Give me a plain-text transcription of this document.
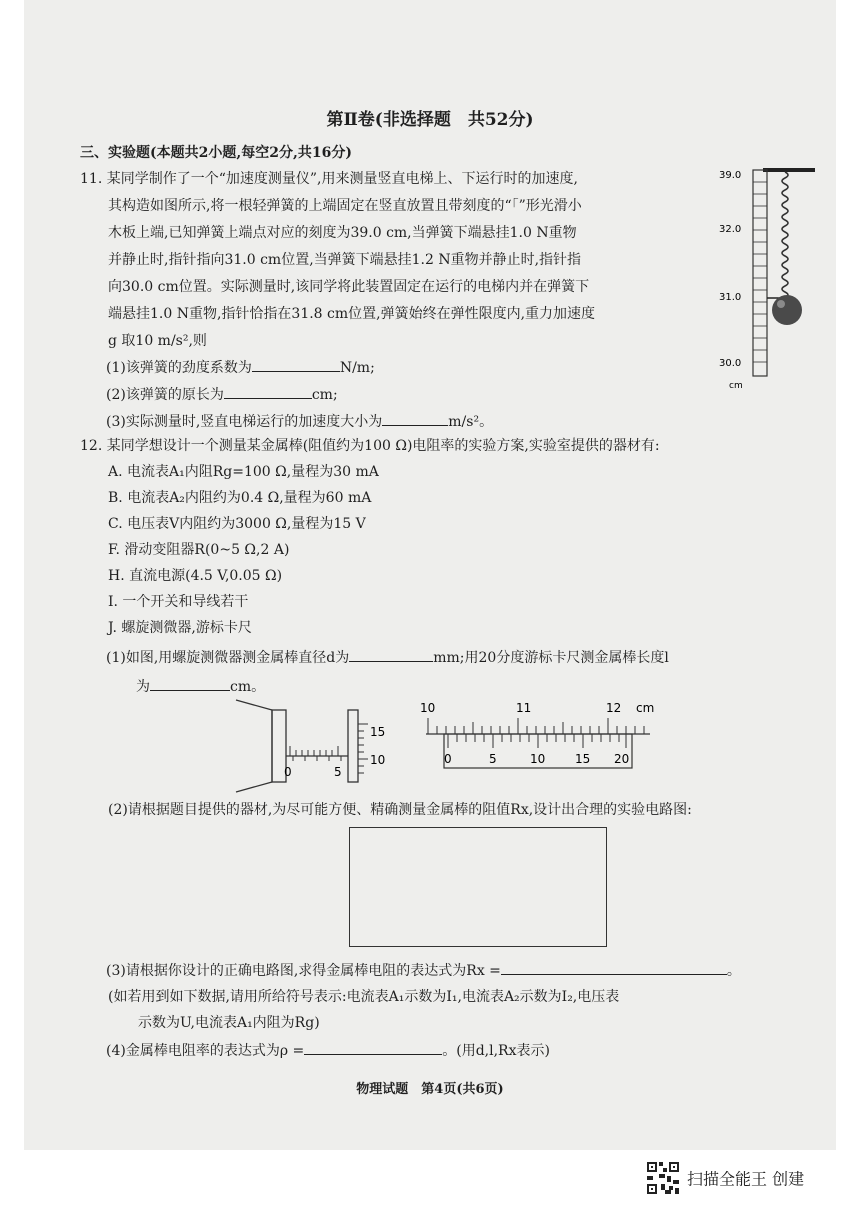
第Ⅱ卷(非选择题　共52分)
三、实验题(本题共2小题,每空2分,共16分)
11. 某同学制作了一个“加速度测量仪”,用来测量竖直电梯上、下运行时的加速度,
其构造如图所示,将一根轻弹簧的上端固定在竖直放置且带刻度的“「”形光滑小
木板上端,已知弹簧上端点对应的刻度为39.0 cm,当弹簧下端悬挂1.0 N重物
并静止时,指针指向31.0 cm位置,当弹簧下端悬挂1.2 N重物并静止时,指针指
向30.0 cm位置。实际测量时,该同学将此装置固定在运行的电梯内并在弹簧下
端悬挂1.0 N重物,指针恰指在31.8 cm位置,弹簧始终在弹性限度内,重力加速度
g 取10 m/s²,则
(1)该弹簧的劲度系数为	N/m;
(2)该弹簧的原长为	cm;
(3)实际测量时,竖直电梯运行的加速度大小为	m/s²。
39.0
32.0
31.0
30.0
cm
12. 某同学想设计一个测量某金属棒(阻值约为100 Ω)电阻率的实验方案,实验室提供的器材有:
A. 电流表A₁内阻Rg=100 Ω,量程为30 mA
B. 电流表A₂内阻约为0.4 Ω,量程为60 mA
C. 电压表V内阻约为3000 Ω,量程为15 V
F. 滑动变阻器R(0~5 Ω,2 A)
H. 直流电源(4.5 V,0.05 Ω)
I. 一个开关和导线若干
J. 螺旋测微器,游标卡尺
(1)如图,用螺旋测微器测金属棒直径d为	mm;用20分度游标卡尺测金属棒长度l
为	cm。
15
10
0	5
10	11	12 cm
0	5	10 15 20
(2)请根据题目提供的器材,为尽可能方便、精确测量金属棒的阻值Rx,设计出合理的实验电路图:
(3)请根据你设计的正确电路图,求得金属棒电阻的表达式为Rx =	。
(如若用到如下数据,请用所给符号表示:电流表A₁示数为I₁,电流表A₂示数为I₂,电压表
示数为U,电流表A₁内阻为Rg)
(4)金属棒电阻率的表达式为ρ =	。(用d,l,Rx表示)
物理试题　第4页(共6页)
扫描全能王 创建
